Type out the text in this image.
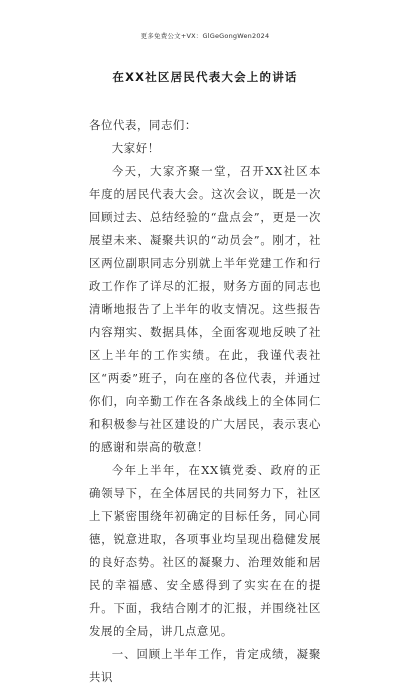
更多免费公文+VX：GlGeGongWen2024
在XX社区居民代表大会上的讲话

各位代表，同志们：

大家好！

今天，大家齐聚一堂，召开XX社区本年度的居民代表大会。这次会议，既是一次回顾过去、总结经验的“盘点会”，更是一次展望未来、凝聚共识的“动员会”。刚才，社区两位副职同志分别就上半年党建工作和行政工作作了详尽的汇报，财务方面的同志也清晰地报告了上半年的收支情况。这些报告内容翔实、数据具体，全面客观地反映了社区上半年的工作实绩。在此，我谨代表社区“两委”班子，向在座的各位代表，并通过你们，向辛勤工作在各条战线上的全体同仁和积极参与社区建设的广大居民，表示衷心的感谢和崇高的敬意！

今年上半年，在XX镇党委、政府的正确领导下，在全体居民的共同努力下，社区上下紧密围绕年初确定的目标任务，同心同德，锐意进取，各项事业均呈现出稳健发展的良好态势。社区的凝聚力、治理效能和居民的幸福感、安全感得到了实实在在的提升。下面，我结合刚才的汇报，并围绕社区发展的全局，讲几点意见。

一、回顾上半年工作，肯定成绩，凝聚共识
